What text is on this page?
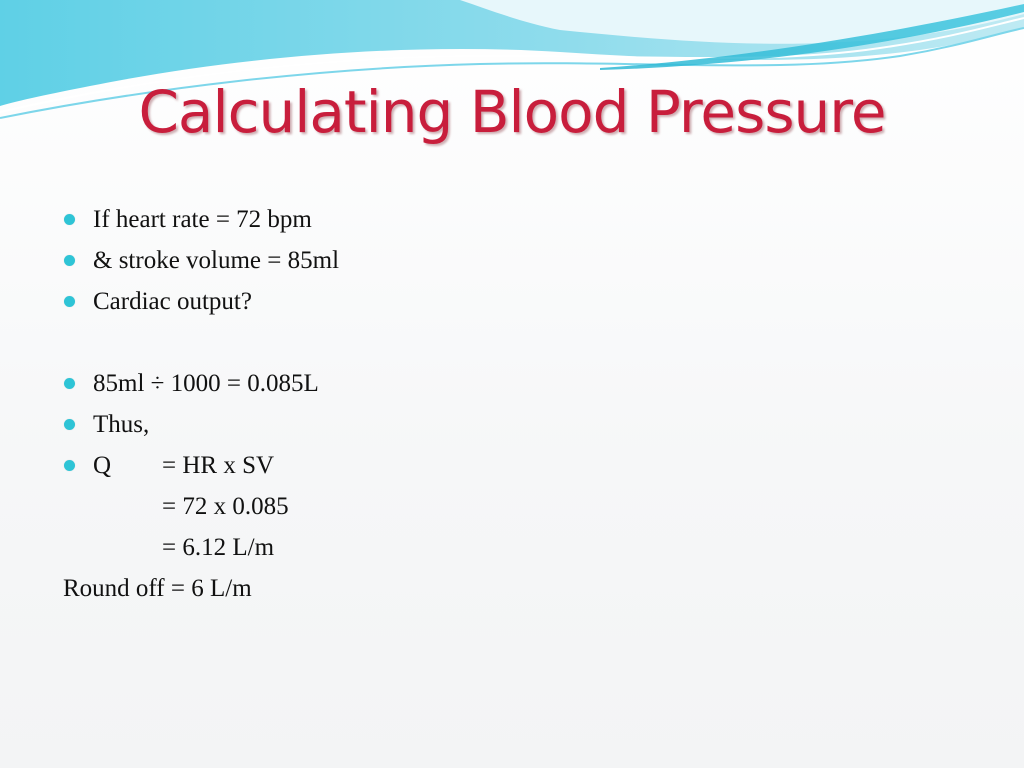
Calculating Blood Pressure
If heart rate = 72 bpm
& stroke volume = 85ml
Cardiac output?
85ml ÷ 1000 = 0.085L
Thus,
Q = HR x SV
= 72 x 0.085
= 6.12 L/m
Round off = 6 L/m
